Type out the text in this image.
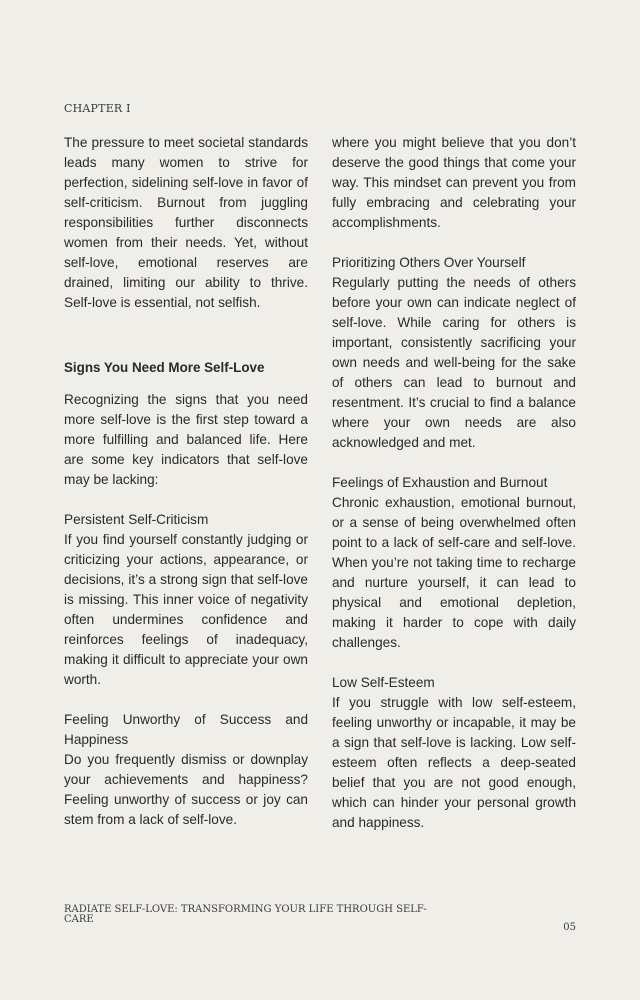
CHAPTER I

The pressure to meet societal standards leads many women to strive for perfection, sidelining self-love in favor of self-criticism. Burnout from juggling responsibilities further disconnects women from their needs. Yet, without self-love, emotional reserves are drained, limiting our ability to thrive. Self-love is essential, not selfish.

Signs You Need More Self-Love

Recognizing the signs that you need more self-love is the first step toward a more fulfilling and balanced life. Here are some key indicators that self-love may be lacking:

Persistent Self-Criticism

If you find yourself constantly judging or criticizing your actions, appearance, or decisions, it’s a strong sign that self-love is missing. This inner voice of negativity often undermines confidence and reinforces feelings of inadequacy, making it difficult to appreciate your own worth.

Feeling Unworthy of Success and Happiness

Do you frequently dismiss or downplay your achievements and happiness? Feeling unworthy of success or joy can stem from a lack of self-love.

where you might believe that you don’t deserve the good things that come your way. This mindset can prevent you from fully embracing and celebrating your accomplishments.

Prioritizing Others Over Yourself

Regularly putting the needs of others before your own can indicate neglect of self-love. While caring for others is important, consistently sacrificing your own needs and well-being for the sake of others can lead to burnout and resentment. It’s crucial to find a balance where your own needs are also acknowledged and met.

Feelings of Exhaustion and Burnout

Chronic exhaustion, emotional burnout, or a sense of being overwhelmed often point to a lack of self-care and self-love. When you’re not taking time to recharge and nurture yourself, it can lead to physical and emotional depletion, making it harder to cope with daily challenges.

Low Self-Esteem

If you struggle with low self-esteem, feeling unworthy or incapable, it may be a sign that self-love is lacking. Low self-esteem often reflects a deep-seated belief that you are not good enough, which can hinder your personal growth and happiness.

RADIATE SELF-LOVE: TRANSFORMING YOUR LIFE THROUGH SELF-CARE
05
